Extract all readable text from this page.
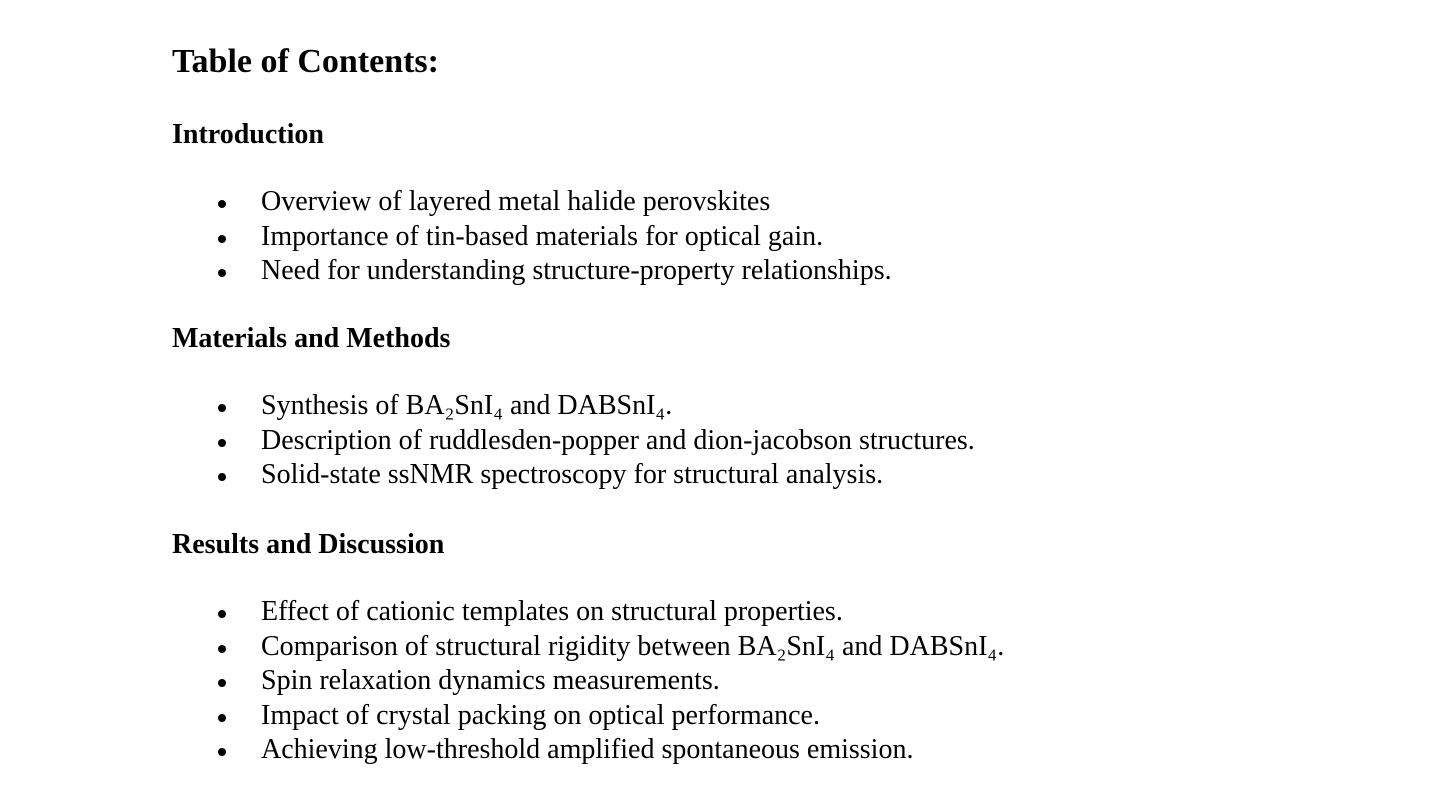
Table of Contents:
Introduction
Overview of layered metal halide perovskites
Importance of tin-based materials for optical gain.
Need for understanding structure-property relationships.
Materials and Methods
Synthesis of BA₂SnI₄ and DABSnI₄.
Description of ruddlesden-popper and dion-jacobson structures.
Solid-state ssNMR spectroscopy for structural analysis.
Results and Discussion
Effect of cationic templates on structural properties.
Comparison of structural rigidity between BA₂SnI₄ and DABSnI₄.
Spin relaxation dynamics measurements.
Impact of crystal packing on optical performance.
Achieving low-threshold amplified spontaneous emission.
